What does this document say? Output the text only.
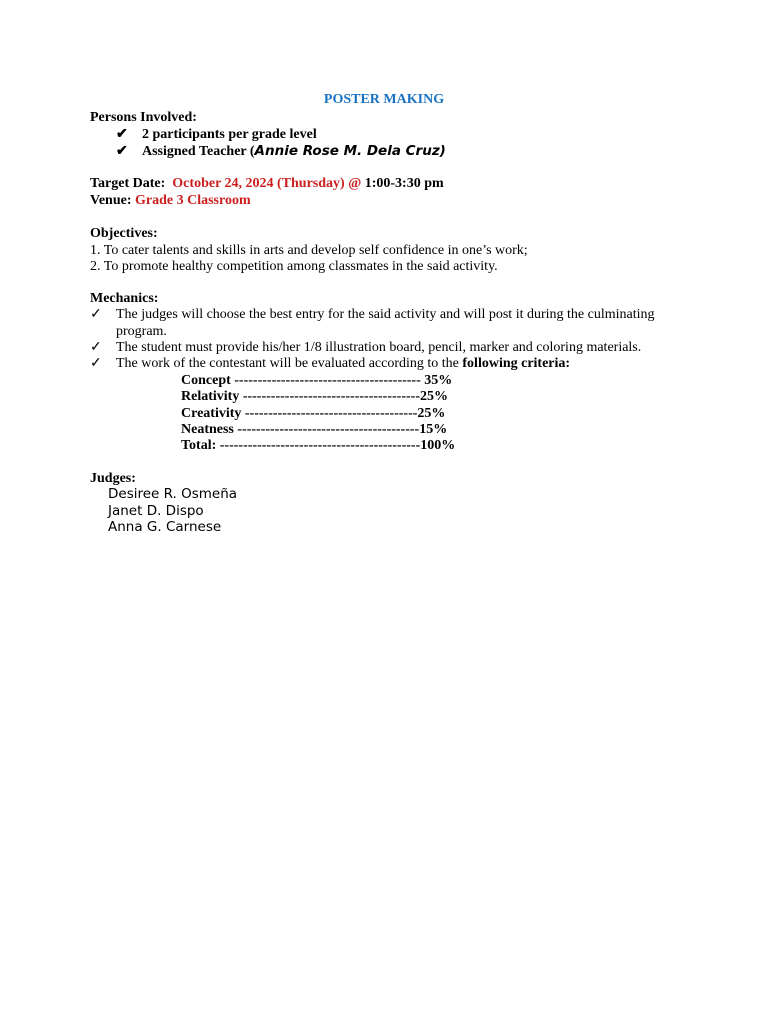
POSTER MAKING
Persons Involved:
✔ 2 participants per grade level
✔ Assigned Teacher (Annie Rose M. Dela Cruz)
Target Date: October 24, 2024 (Thursday) @ 1:00-3:30 pm
Venue: Grade 3 Classroom
Objectives:
1. To cater talents and skills in arts and develop self confidence in one’s work;
2. To promote healthy competition among classmates in the said activity.
Mechanics:
✓ The judges will choose the best entry for the said activity and will post it during the culminating
program.
✓ The student must provide his/her 1/8 illustration board, pencil, marker and coloring materials.
✓ The work of the contestant will be evaluated according to the following criteria:
Concept ---------------------------------------- 35%
Relativity --------------------------------------25%
Creativity -------------------------------------25%
Neatness ---------------------------------------15%
Total: -------------------------------------------100%
Judges:
Desiree R. Osmeña
Janet D. Dispo
Anna G. Carnese
